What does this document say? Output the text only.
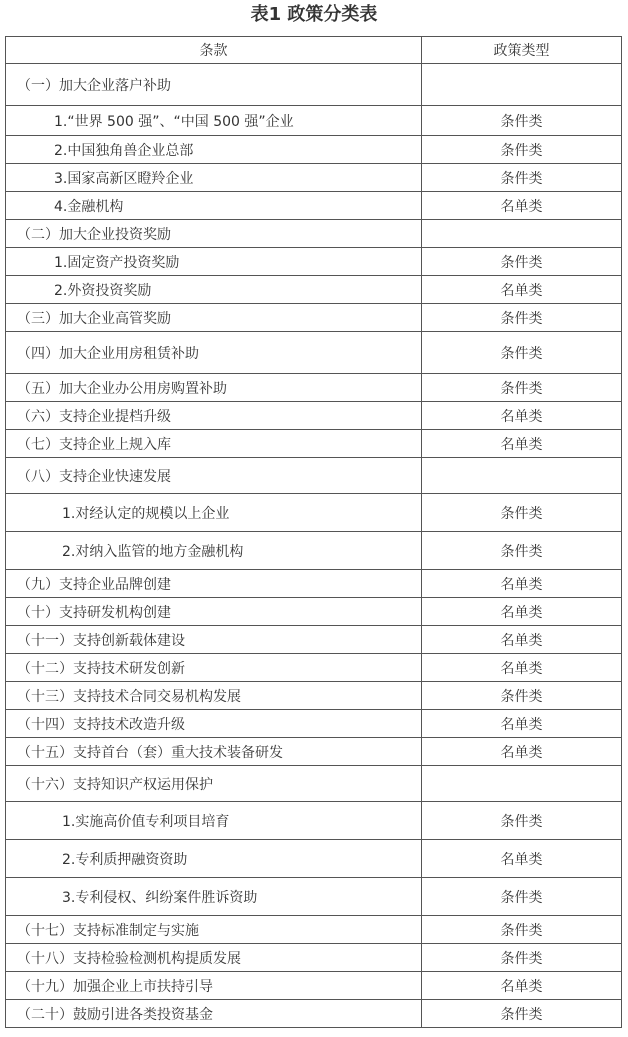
表1 政策分类表
条款	政策类型
（一）加大企业落户补助	
1.“世界 500 强”、“中国 500 强”企业	条件类
2.中国独角兽企业总部	条件类
3.国家高新区瞪羚企业	条件类
4.金融机构	名单类
（二）加大企业投资奖励	
1.固定资产投资奖励	条件类
2.外资投资奖励	名单类
（三）加大企业高管奖励	条件类
（四）加大企业用房租赁补助	条件类
（五）加大企业办公用房购置补助	条件类
（六）支持企业提档升级	名单类
（七）支持企业上规入库	名单类
（八）支持企业快速发展	
1.对经认定的规模以上企业	条件类
2.对纳入监管的地方金融机构	条件类
（九）支持企业品牌创建	名单类
（十）支持研发机构创建	名单类
（十一）支持创新载体建设	名单类
（十二）支持技术研发创新	名单类
（十三）支持技术合同交易机构发展	条件类
（十四）支持技术改造升级	名单类
（十五）支持首台（套）重大技术装备研发	名单类
（十六）支持知识产权运用保护	
1.实施高价值专利项目培育	条件类
2.专利质押融资资助	名单类
3.专利侵权、纠纷案件胜诉资助	条件类
（十七）支持标准制定与实施	条件类
（十八）支持检验检测机构提质发展	条件类
（十九）加强企业上市扶持引导	名单类
（二十）鼓励引进各类投资基金	条件类
